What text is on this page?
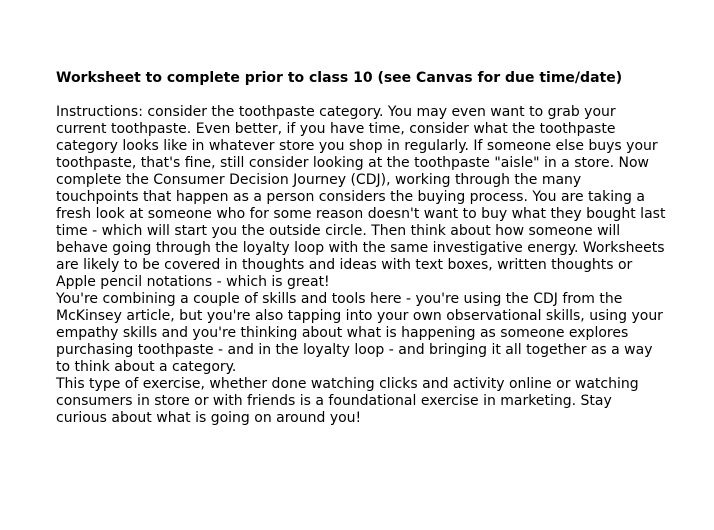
Worksheet to complete prior to class 10 (see Canvas for due time/date)

Instructions: consider the toothpaste category. You may even want to grab your current toothpaste. Even better, if you have time, consider what the toothpaste category looks like in whatever store you shop in regularly. If someone else buys your toothpaste, that's fine, still consider looking at the toothpaste "aisle" in a store. Now complete the Consumer Decision Journey (CDJ), working through the many touchpoints that happen as a person considers the buying process. You are taking a fresh look at someone who for some reason doesn't want to buy what they bought last time - which will start you the outside circle. Then think about how someone will behave going through the loyalty loop with the same investigative energy. Worksheets are likely to be covered in thoughts and ideas with text boxes, written thoughts or Apple pencil notations - which is great!

You're combining a couple of skills and tools here - you're using the CDJ from the McKinsey article, but you're also tapping into your own observational skills, using your empathy skills and you're thinking about what is happening as someone explores purchasing toothpaste - and in the loyalty loop - and bringing it all together as a way to think about a category.

This type of exercise, whether done watching clicks and activity online or watching consumers in store or with friends is a foundational exercise in marketing. Stay curious about what is going on around you!
